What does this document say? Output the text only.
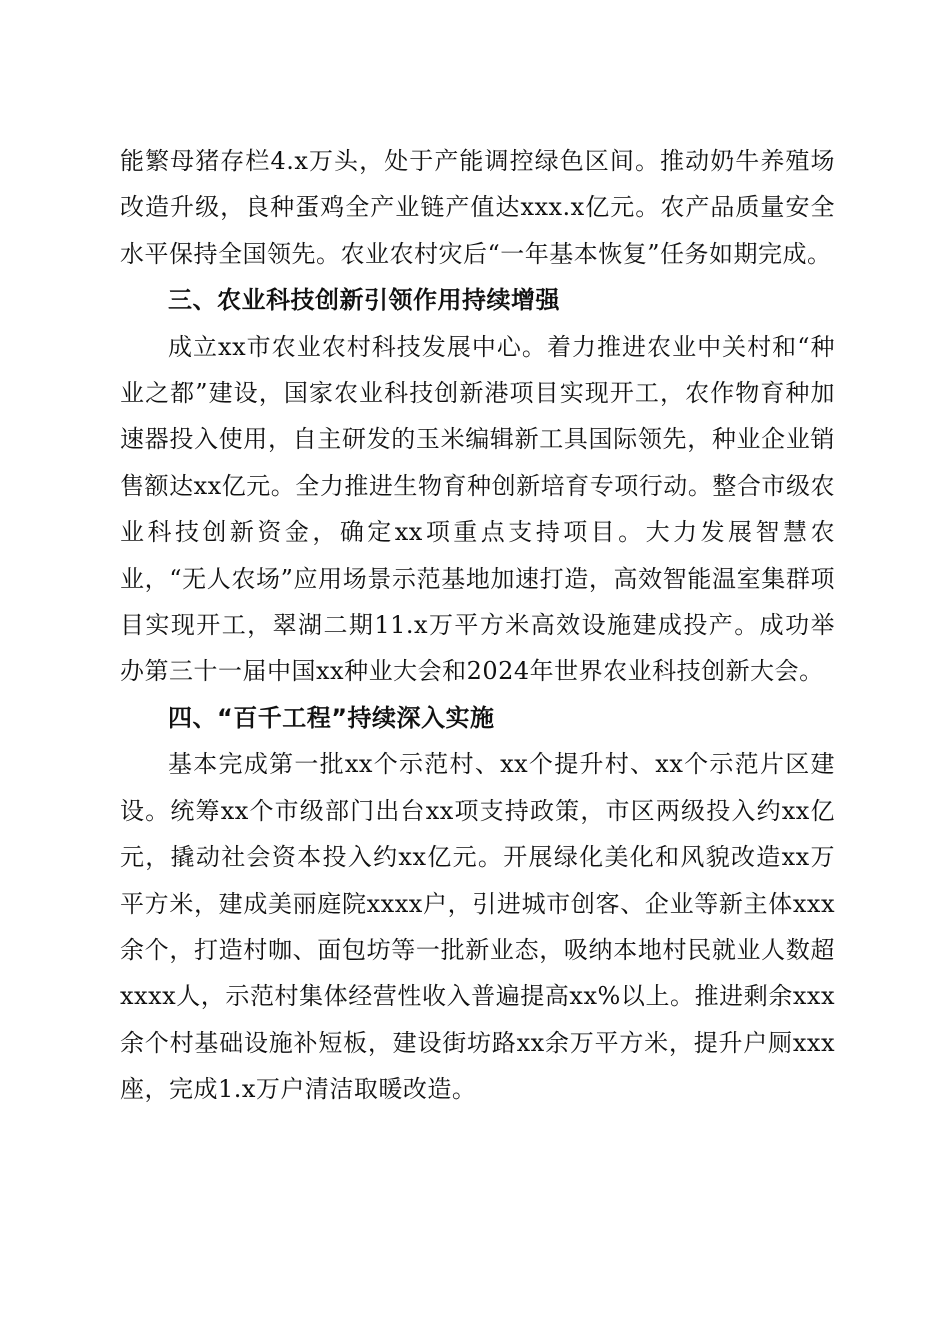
能繁母猪存栏4.x万头，处于产能调控绿色区间。推动奶牛养殖场改造升级，良种蛋鸡全产业链产值达xxx.x亿元。农产品质量安全水平保持全国领先。农业农村灾后“一年基本恢复”任务如期完成。

三、农业科技创新引领作用持续增强

成立xx市农业农村科技发展中心。着力推进农业中关村和“种业之都”建设，国家农业科技创新港项目实现开工，农作物育种加速器投入使用，自主研发的玉米编辑新工具国际领先，种业企业销售额达xx亿元。全力推进生物育种创新培育专项行动。整合市级农业科技创新资金，确定xx项重点支持项目。大力发展智慧农业，“无人农场”应用场景示范基地加速打造，高效智能温室集群项目实现开工，翠湖二期11.x万平方米高效设施建成投产。成功举办第三十一届中国xx种业大会和2024年世界农业科技创新大会。

四、“百千工程”持续深入实施

基本完成第一批xx个示范村、xx个提升村、xx个示范片区建设。统筹xx个市级部门出台xx项支持政策，市区两级投入约xx亿元，撬动社会资本投入约xx亿元。开展绿化美化和风貌改造xx万平方米，建成美丽庭院xxxx户，引进城市创客、企业等新主体xxx余个，打造村咖、面包坊等一批新业态，吸纳本地村民就业人数超xxxx人，示范村集体经营性收入普遍提高xx%以上。推进剩余xxx余个村基础设施补短板，建设街坊路xx余万平方米，提升户厕xxx座，完成1.x万户清洁取暖改造。
